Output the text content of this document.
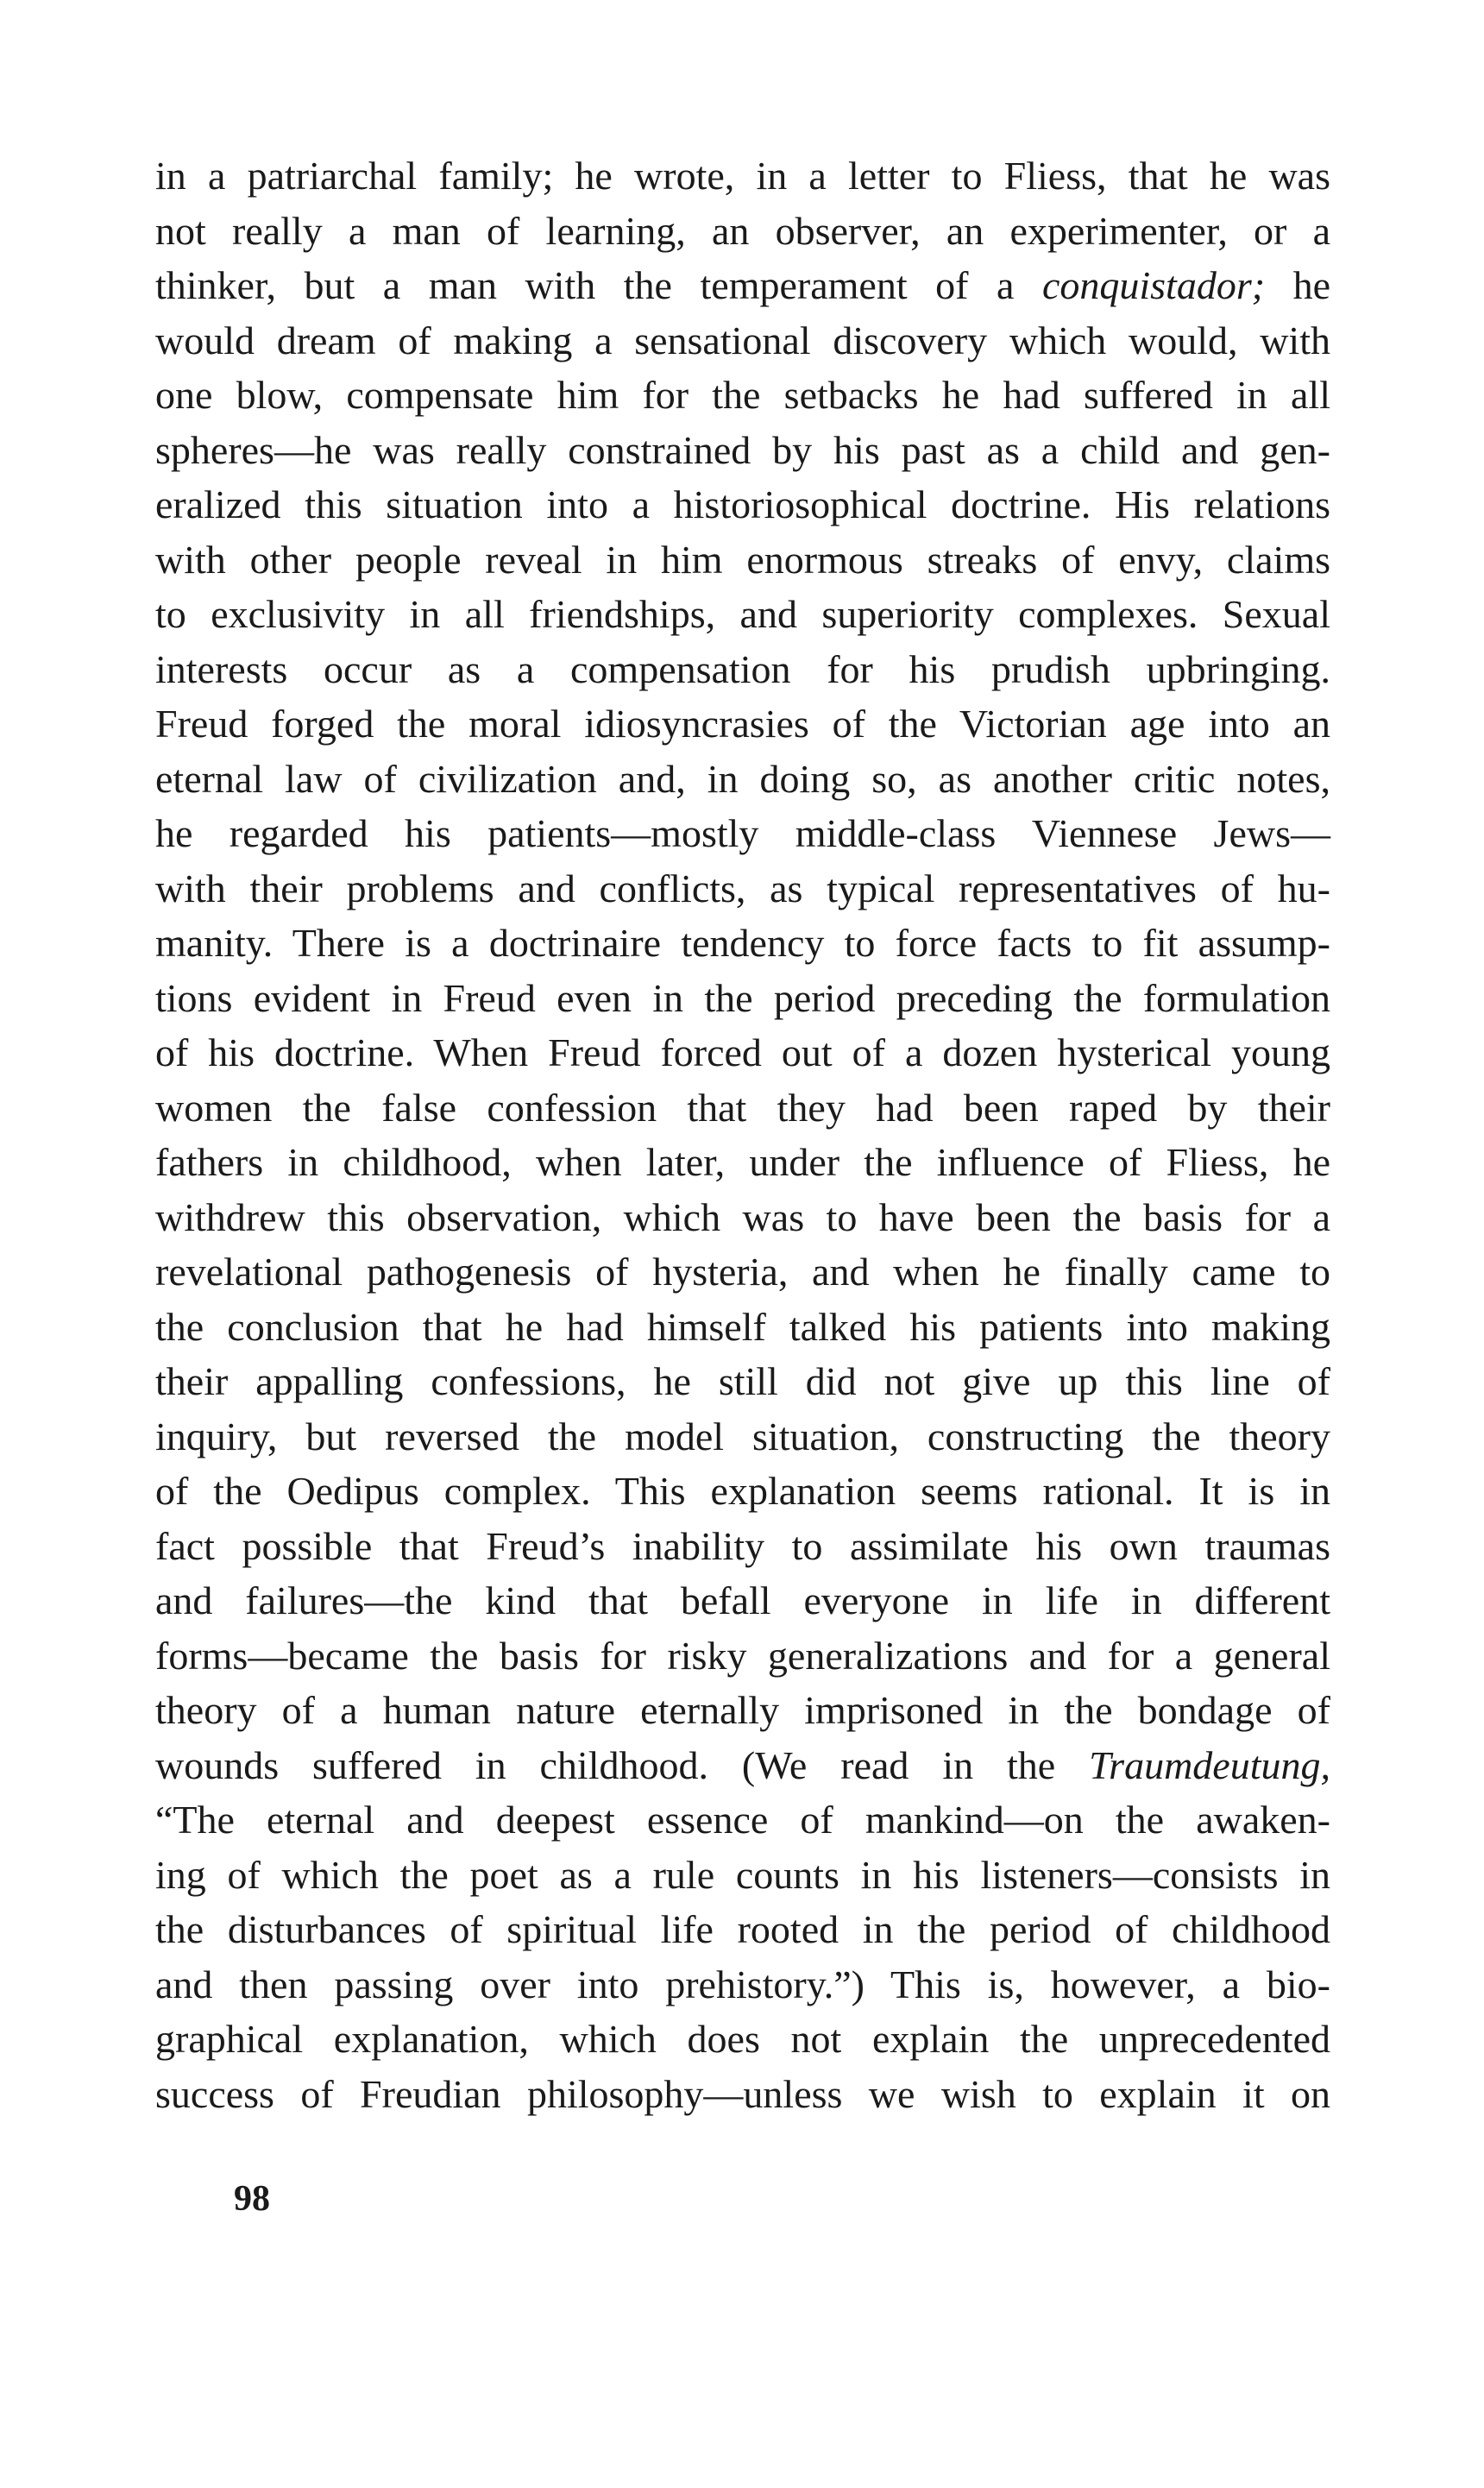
in a patriarchal family; he wrote, in a letter to Fliess, that he was
not really a man of learning, an observer, an experimenter, or a
thinker, but a man with the temperament of a conquistador; he
would dream of making a sensational discovery which would, with
one blow, compensate him for the setbacks he had suffered in all
spheres—he was really constrained by his past as a child and gen-
eralized this situation into a historiosophical doctrine. His relations
with other people reveal in him enormous streaks of envy, claims
to exclusivity in all friendships, and superiority complexes. Sexual
interests occur as a compensation for his prudish upbringing.
Freud forged the moral idiosyncrasies of the Victorian age into an
eternal law of civilization and, in doing so, as another critic notes,
he regarded his patients—mostly middle-class Viennese Jews—
with their problems and conflicts, as typical representatives of hu-
manity. There is a doctrinaire tendency to force facts to fit assump-
tions evident in Freud even in the period preceding the formulation
of his doctrine. When Freud forced out of a dozen hysterical young
women the false confession that they had been raped by their
fathers in childhood, when later, under the influence of Fliess, he
withdrew this observation, which was to have been the basis for a
revelational pathogenesis of hysteria, and when he finally came to
the conclusion that he had himself talked his patients into making
their appalling confessions, he still did not give up this line of
inquiry, but reversed the model situation, constructing the theory
of the Oedipus complex. This explanation seems rational. It is in
fact possible that Freud’s inability to assimilate his own traumas
and failures—the kind that befall everyone in life in different
forms—became the basis for risky generalizations and for a general
theory of a human nature eternally imprisoned in the bondage of
wounds suffered in childhood. (We read in the Traumdeutung,
“The eternal and deepest essence of mankind—on the awaken-
ing of which the poet as a rule counts in his listeners—consists in
the disturbances of spiritual life rooted in the period of childhood
and then passing over into prehistory.”) This is, however, a bio-
graphical explanation, which does not explain the unprecedented
success of Freudian philosophy—unless we wish to explain it on
98
